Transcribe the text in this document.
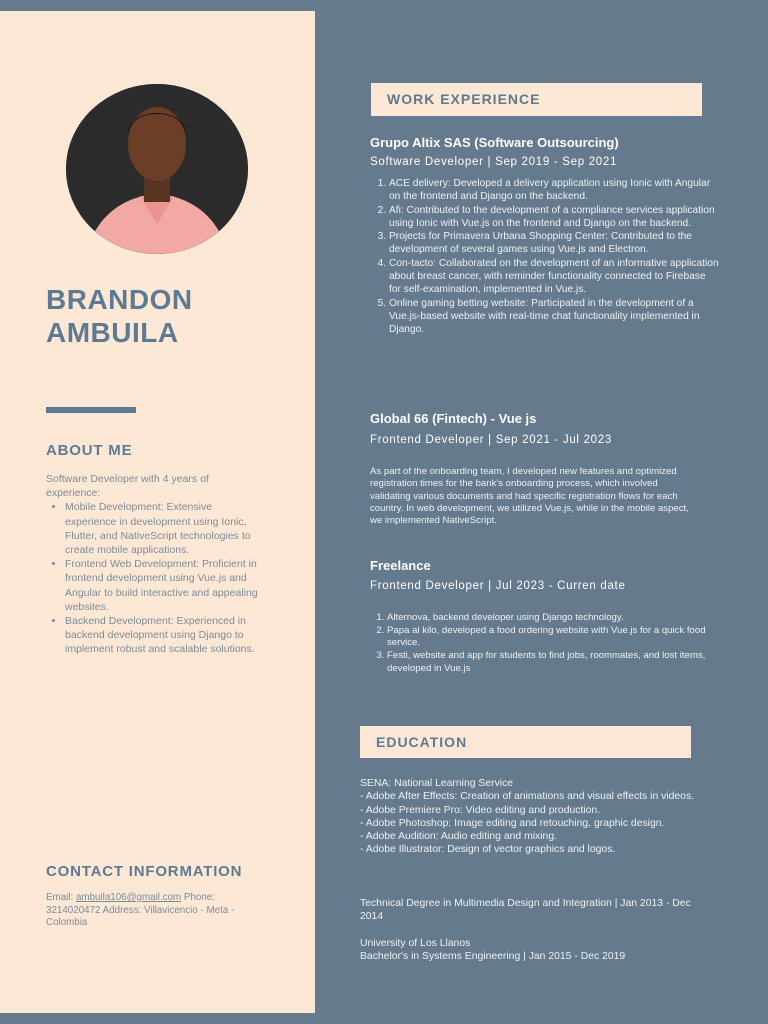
BRANDON
AMBUILA
ABOUT ME
Software Developer with 4 years of experience:
• Mobile Development: Extensive experience in development using Ionic, Flutter, and NativeScript technologies to create mobile applications.
• Frontend Web Development: Proficient in frontend development using Vue.js and Angular to build interactive and appealing websites.
• Backend Development: Experienced in backend development using Django to implement robust and scalable solutions.
CONTACT INFORMATION
Email: ambuila106@gmail.com Phone: 3214020472 Address: Villavicencio - Meta - Colombia
WORK EXPERIENCE
Grupo Altix SAS (Software Outsourcing)
Software Developer | Sep 2019 - Sep 2021
1. ACE delivery: Developed a delivery application using Ionic with Angular on the frontend and Django on the backend.
2. Afi: Contributed to the development of a compliance services application using Ionic with Vue.js on the frontend and Django on the backend.
3. Projects for Primavera Urbana Shopping Center: Contributed to the development of several games using Vue.js and Electron.
4. Con-tacto: Collaborated on the development of an informative application about breast cancer, with reminder functionality connected to Firebase for self-examination, implemented in Vue.js.
5. Online gaming betting website: Participated in the development of a Vue.js-based website with real-time chat functionality implemented in Django.
Global 66 (Fintech) - Vue js
Frontend Developer | Sep 2021 - Jul 2023

As part of the onboarding team, I developed new features and optimized registration times for the bank's onboarding process, which involved validating various documents and had specific registration flows for each country. In web development, we utilized Vue.js, while in the mobile aspect, we implemented NativeScript.

Freelance
Frontend Developer | Jul 2023 - Curren date
1. Alternova, backend developer using Django technology.
2. Papa al kilo, developed a food ordering website with Vue.js for a quick food service.
3. Festi, website and app for students to find jobs, roommates, and lost items, developed in Vue.js
EDUCATION
SENA: National Learning Service
- Adobe After Effects: Creation of animations and visual effects in videos.
- Adobe Premiere Pro: Video editing and production.
- Adobe Photoshop: Image editing and retouching, graphic design.
- Adobe Audition: Audio editing and mixing.
- Adobe Illustrator: Design of vector graphics and logos.
Technical Degree in Multimedia Design and Integration | Jan 2013 - Dec 2014
University of Los Llanos
Bachelor's in Systems Engineering | Jan 2015 - Dec 2019
